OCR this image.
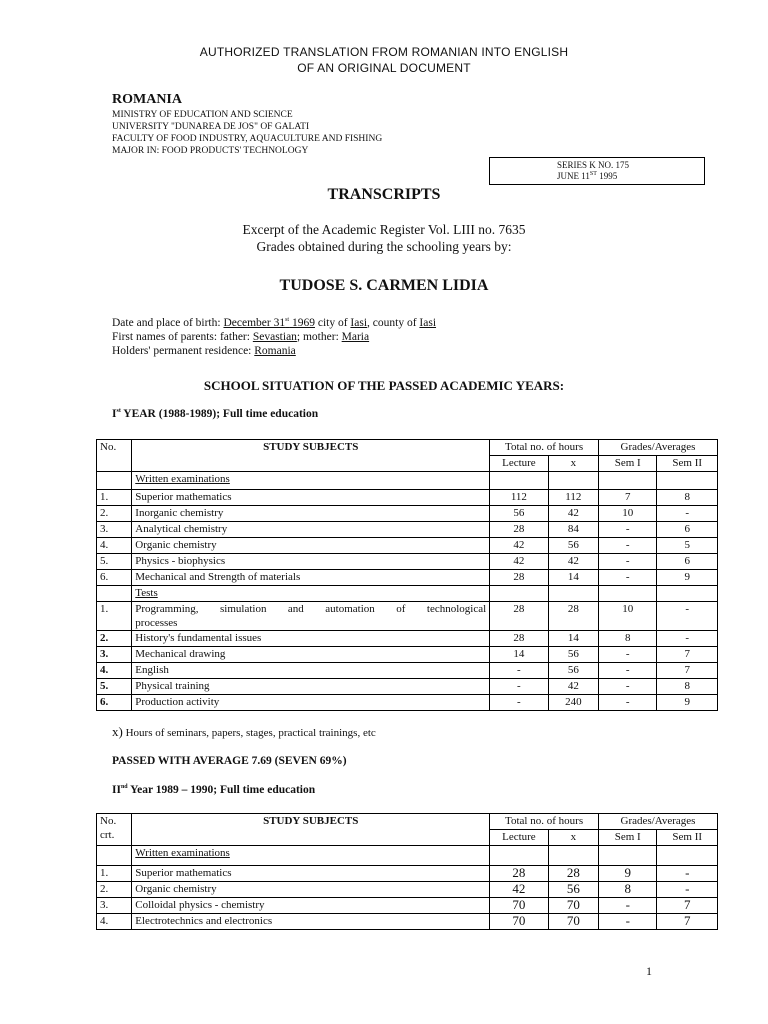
AUTHORIZED TRANSLATION FROM ROMANIAN INTO ENGLISH
OF AN ORIGINAL DOCUMENT
ROMANIA
MINISTRY OF EDUCATION AND SCIENCE
UNIVERSITY "DUNAREA DE JOS" OF GALATI
FACULTY OF FOOD INDUSTRY, AQUACULTURE AND FISHING
MAJOR IN: FOOD PRODUCTS' TECHNOLOGY
SERIES K NO. 175
JUNE 11ST 1995
TRANSCRIPTS
Excerpt of the Academic Register Vol. LIII no. 7635
Grades obtained during the schooling years by:
TUDOSE S. CARMEN LIDIA
Date and place of birth: December 31st 1969 city of Iasi, county of Iasi
First names of parents: father: Sevastian; mother: Maria
Holders' permanent residence: Romania
SCHOOL SITUATION OF THE PASSED ACADEMIC YEARS:
Ist YEAR (1988-1989); Full time education
No.	STUDY SUBJECTS	Total no. of hours		Grades/Averages	
		Lecture	x	Sem I	Sem II
	Written examinations				
1.	Superior mathematics	112	112	7	8
2.	Inorganic chemistry	56	42	10	-
3.	Analytical chemistry	28	84	-	6
4.	Organic chemistry	42	56	-	5
5.	Physics - biophysics	42	42	-	6
6.	Mechanical and Strength of materials	28	14	-	9
	Tests				
1.	Programming, simulation and automation of technological
processes	28	28	10	-
2.	History's fundamental issues	28	14	8	-
3.	Mechanical drawing	14	56	-	7
4.	English	-	56	-	7
5.	Physical training	-	42	-	8
6.	Production activity	-	240	-	9
x) Hours of seminars, papers, stages, practical trainings, etc
PASSED WITH AVERAGE 7.69 (SEVEN 69%)
IInd Year 1989 – 1990; Full time education
No.
crt.	STUDY SUBJECTS	Total no. of hours		Grades/Averages	
		Lecture	x	Sem I	Sem II
	Written examinations				
1.	Superior mathematics	28	28	9	-
2.	Organic chemistry	42	56	8	-
3.	Colloidal physics - chemistry	70	70	-	7
4.	Electrotechnics and electronics	70	70	-	7
1
